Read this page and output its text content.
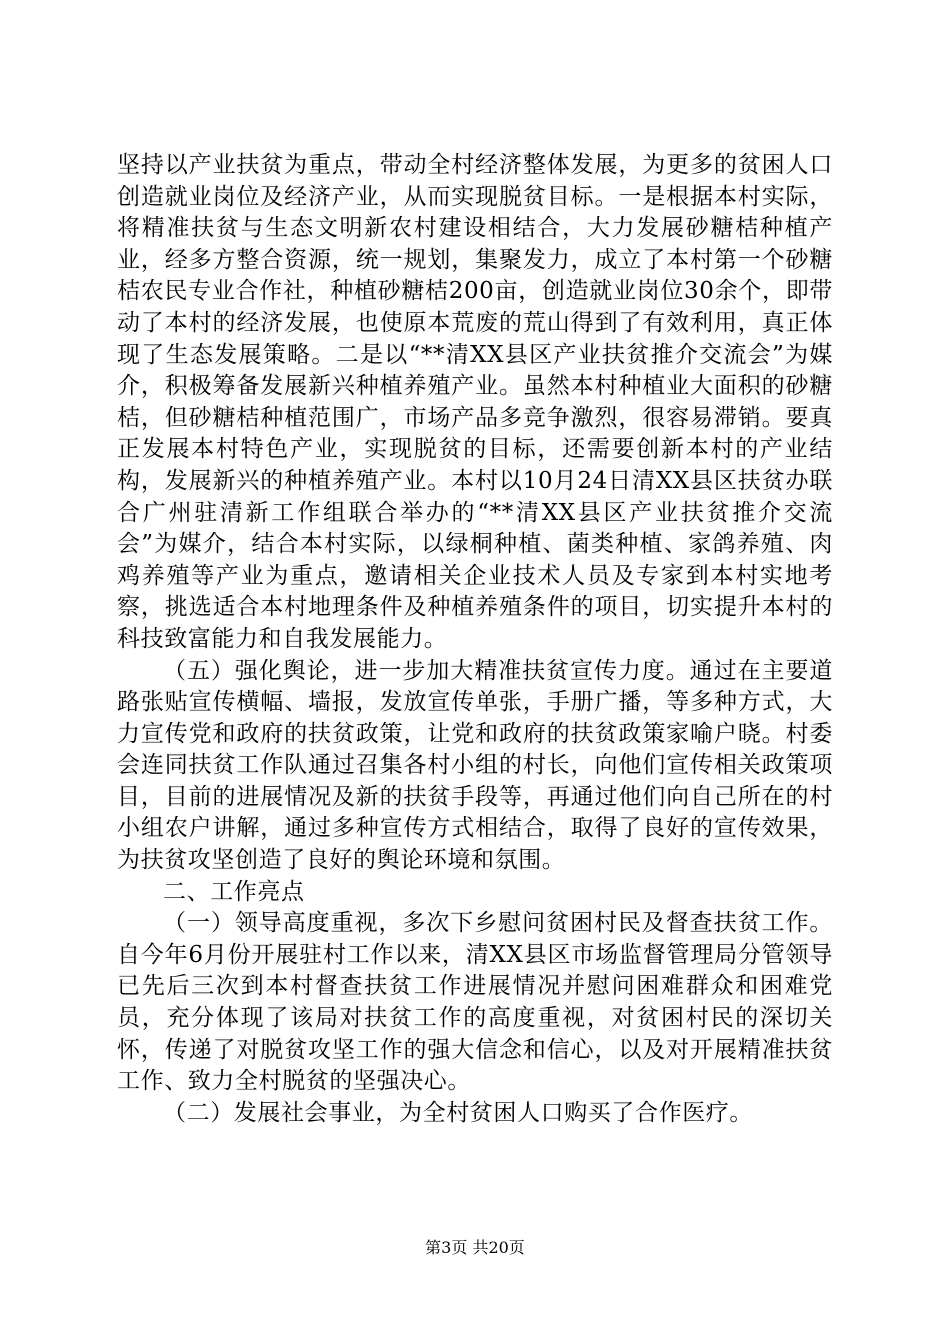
坚持以产业扶贫为重点，带动全村经济整体发展，为更多的贫困人口创造就业岗位及经济产业，从而实现脱贫目标。一是根据本村实际，将精准扶贫与生态文明新农村建设相结合，大力发展砂糖桔种植产业，经多方整合资源，统一规划，集聚发力，成立了本村第一个砂糖桔农民专业合作社，种植砂糖桔200亩，创造就业岗位30余个，即带动了本村的经济发展，也使原本荒废的荒山得到了有效利用，真正体现了生态发展策略。二是以“**清XX县区产业扶贫推介交流会”为媒介，积极筹备发展新兴种植养殖产业。虽然本村种植业大面积的砂糖桔，但砂糖桔种植范围广，市场产品多竞争激烈，很容易滞销。要真正发展本村特色产业，实现脱贫的目标，还需要创新本村的产业结构，发展新兴的种植养殖产业。本村以10月24日清XX县区扶贫办联合广州驻清新工作组联合举办的“**清XX县区产业扶贫推介交流会”为媒介，结合本村实际，以绿桐种植、菌类种植、家鸽养殖、肉鸡养殖等产业为重点，邀请相关企业技术人员及专家到本村实地考察，挑选适合本村地理条件及种植养殖条件的项目，切实提升本村的科技致富能力和自我发展能力。

（五）强化舆论，进一步加大精准扶贫宣传力度。通过在主要道路张贴宣传横幅、墙报，发放宣传单张，手册广播，等多种方式，大力宣传党和政府的扶贫政策，让党和政府的扶贫政策家喻户晓。村委会连同扶贫工作队通过召集各村小组的村长，向他们宣传相关政策项目，目前的进展情况及新的扶贫手段等，再通过他们向自己所在的村小组农户讲解，通过多种宣传方式相结合，取得了良好的宣传效果，为扶贫攻坚创造了良好的舆论环境和氛围。

二、工作亮点

（一）领导高度重视，多次下乡慰问贫困村民及督查扶贫工作。自今年6月份开展驻村工作以来，清XX县区市场监督管理局分管领导已先后三次到本村督查扶贫工作进展情况并慰问困难群众和困难党员，充分体现了该局对扶贫工作的高度重视，对贫困村民的深切关怀，传递了对脱贫攻坚工作的强大信念和信心，以及对开展精准扶贫工作、致力全村脱贫的坚强决心。

（二）发展社会事业，为全村贫困人口购买了合作医疗。

第3页 共20页
